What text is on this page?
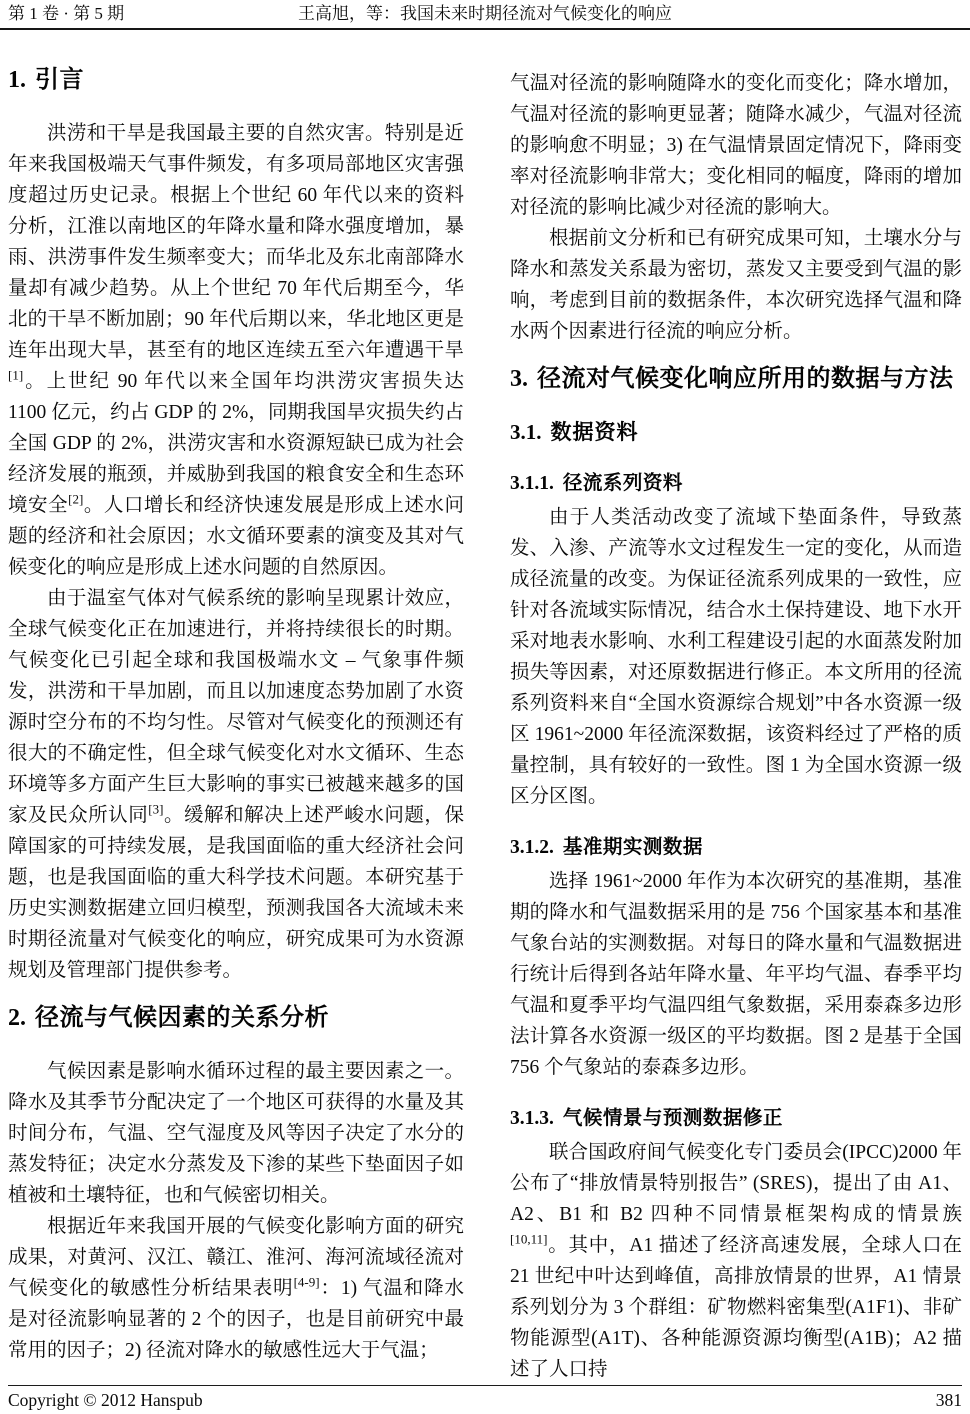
第 1 卷 · 第 5 期	王高旭，等：我国未来时期径流对气候变化的响应
1. 引言

洪涝和干旱是我国最主要的自然灾害。特别是近年来我国极端天气事件频发，有多项局部地区灾害强度超过历史记录。根据上个世纪 60 年代以来的资料分析，江淮以南地区的年降水量和降水强度增加，暴雨、洪涝事件发生频率变大；而华北及东北南部降水量却有减少趋势。从上个世纪 70 年代后期至今，华北的干旱不断加剧；90 年代后期以来，华北地区更是连年出现大旱，甚至有的地区连续五至六年遭遇干旱[1]。上世纪 90 年代以来全国年均洪涝灾害损失达 1100 亿元，约占 GDP 的 2%，同期我国旱灾损失约占全国 GDP 的 2%，洪涝灾害和水资源短缺已成为社会经济发展的瓶颈，并威胁到我国的粮食安全和生态环境安全[2]。人口增长和经济快速发展是形成上述水问题的经济和社会原因；水文循环要素的演变及其对气候变化的响应是形成上述水问题的自然原因。

由于温室气体对气候系统的影响呈现累计效应，全球气候变化正在加速进行，并将持续很长的时期。气候变化已引起全球和我国极端水文 – 气象事件频发，洪涝和干旱加剧，而且以加速度态势加剧了水资源时空分布的不均匀性。尽管对气候变化的预测还有很大的不确定性，但全球气候变化对水文循环、生态环境等多方面产生巨大影响的事实已被越来越多的国家及民众所认同[3]。缓解和解决上述严峻水问题，保障国家的可持续发展，是我国面临的重大经济社会问题，也是我国面临的重大科学技术问题。本研究基于历史实测数据建立回归模型，预测我国各大流域未来时期径流量对气候变化的响应，研究成果可为水资源规划及管理部门提供参考。

2. 径流与气候因素的关系分析

气候因素是影响水循环过程的最主要因素之一。降水及其季节分配决定了一个地区可获得的水量及其时间分布，气温、空气湿度及风等因子决定了水分的蒸发特征；决定水分蒸发及下渗的某些下垫面因子如植被和土壤特征，也和气候密切相关。

根据近年来我国开展的气候变化影响方面的研究成果，对黄河、汉江、赣江、淮河、海河流域径流对气候变化的敏感性分析结果表明[4-9]：1) 气温和降水是对径流影响显著的 2 个的因子，也是目前研究中最常用的因子；2) 径流对降水的敏感性远大于气温；

气温对径流的影响随降水的变化而变化；降水增加，气温对径流的影响更显著；随降水减少，气温对径流的影响愈不明显；3) 在气温情景固定情况下，降雨变率对径流影响非常大；变化相同的幅度，降雨的增加对径流的影响比减少对径流的影响大。

根据前文分析和已有研究成果可知，土壤水分与降水和蒸发关系最为密切，蒸发又主要受到气温的影响，考虑到目前的数据条件，本次研究选择气温和降水两个因素进行径流的响应分析。

3. 径流对气候变化响应所用的数据与方法
3.1. 数据资料
3.1.1. 径流系列资料

由于人类活动改变了流域下垫面条件，导致蒸发、入渗、产流等水文过程发生一定的变化，从而造成径流量的改变。为保证径流系列成果的一致性，应针对各流域实际情况，结合水土保持建设、地下水开采对地表水影响、水利工程建设引起的水面蒸发附加损失等因素，对还原数据进行修正。本文所用的径流系列资料来自“全国水资源综合规划”中各水资源一级区 1961~2000 年径流深数据，该资料经过了严格的质量控制，具有较好的一致性。图 1 为全国水资源一级区分区图。

3.1.2. 基准期实测数据

选择 1961~2000 年作为本次研究的基准期，基准期的降水和气温数据采用的是 756 个国家基本和基准气象台站的实测数据。对每日的降水量和气温数据进行统计后得到各站年降水量、年平均气温、春季平均气温和夏季平均气温四组气象数据，采用泰森多边形法计算各水资源一级区的平均数据。图 2 是基于全国 756 个气象站的泰森多边形。

3.1.3. 气候情景与预测数据修正

联合国政府间气候变化专门委员会(IPCC)2000 年公布了“排放情景特别报告” (SRES)，提出了由 A1、A2、B1 和 B2 四种不同情景框架构成的情景族[10,11]。其中，A1 描述了经济高速发展，全球人口在 21 世纪中叶达到峰值，高排放情景的世界，A1 情景系列划分为 3 个群组：矿物燃料密集型(A1F1)、非矿物能源型(A1T)、各种能源资源均衡型(A1B)；A2 描述了人口持

Copyright © 2012 Hanspub	381
